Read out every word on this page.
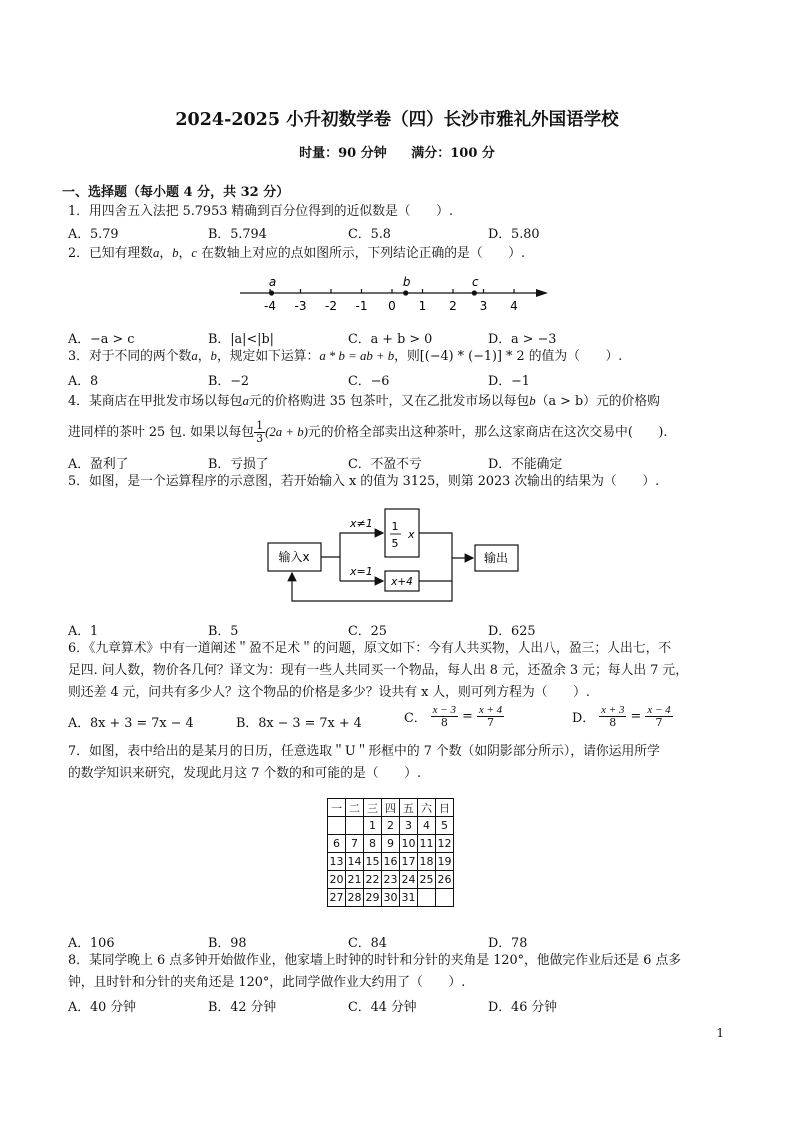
2024-2025 小升初数学卷（四）长沙市雅礼外国语学校
时量：90 分钟 满分：100 分
一、选择题（每小题 4 分，共 32 分）
1．用四舍五入法把 5.7953 精确到百分位得到的近似数是（　　）.
A．5.79	B．5.794	C．5.8	D．5.80
2．已知有理数a，b，c 在数轴上对应的点如图所示，下列结论正确的是（　　）.
-4 -3 -2 -1 0 1 2 3 4
a	b	c
A．−a > c	B．|a|<|b|	C．a + b > 0	D．a > −3
3．对于不同的两个数a，b，规定如下运算：a * b = ab + b，则[(−4) * (−1)] * 2 的值为（　　）.
A．8	B．−2	C．−6	D．−1
4．某商店在甲批发市场以每包a元的价格购进 35 包茶叶，又在乙批发市场以每包b（a > b）元的价格购
进同样的茶叶 25 包. 如果以每包 $\frac{1}{3} (2a + b)$元的价格全部卖出这种茶叶，那么这家商店在这次交易中(　　).
A．盈利了	B．亏损了	C．不盈不亏	D．不能确定
5．如图，是一个运算程序的示意图，若开始输入 x 的值为 3125，则第 2023 次输出的结果为（　　）.
输入x
1
5
x
x+4
输出
x≠1
x=1
A．1	B．5	C．25	D．625
6．《九章算术》中有一道阐述＂盈不足术＂的问题，原文如下：今有人共买物，人出八，盈三；人出七，不
足四. 问人数，物价各几何？译文为：现有一些人共同买一个物品，每人出 8 元，还盈余 3 元；每人出 7 元，
则还差 4 元，问共有多少人？这个物品的价格是多少？设共有 x 人，则可列方程为（　　）.
A．8x + 3 = 7x − 4	B．8x − 3 = 7x + 4	C． $\frac{x - 3}{8} = \frac{x + 4}{7}$	D． $\frac{x + 3}{8} = \frac{x - 4}{7}$
7．如图，表中给出的是某月的日历，任意选取＂U＂形框中的 7 个数（如阴影部分所示），请你运用所学
的数学知识来研究，发现此月这 7 个数的和可能的是（　　）.
一	二	三	四	五	六	日
		1	2	3	4	5
6	7	8	9	10	11	12
13	14	15	16	17	18	19
20	21	22	23	24	25	26
27	28	29	30	31		
A．106	B．98	C．84	D．78
8．某同学晚上 6 点多钟开始做作业，他家墙上时钟的时针和分针的夹角是 120°，他做完作业后还是 6 点多
钟，且时针和分针的夹角还是 120°，此同学做作业大约用了（　　）.
A．40 分钟	B．42 分钟	C．44 分钟	D．46 分钟
1
